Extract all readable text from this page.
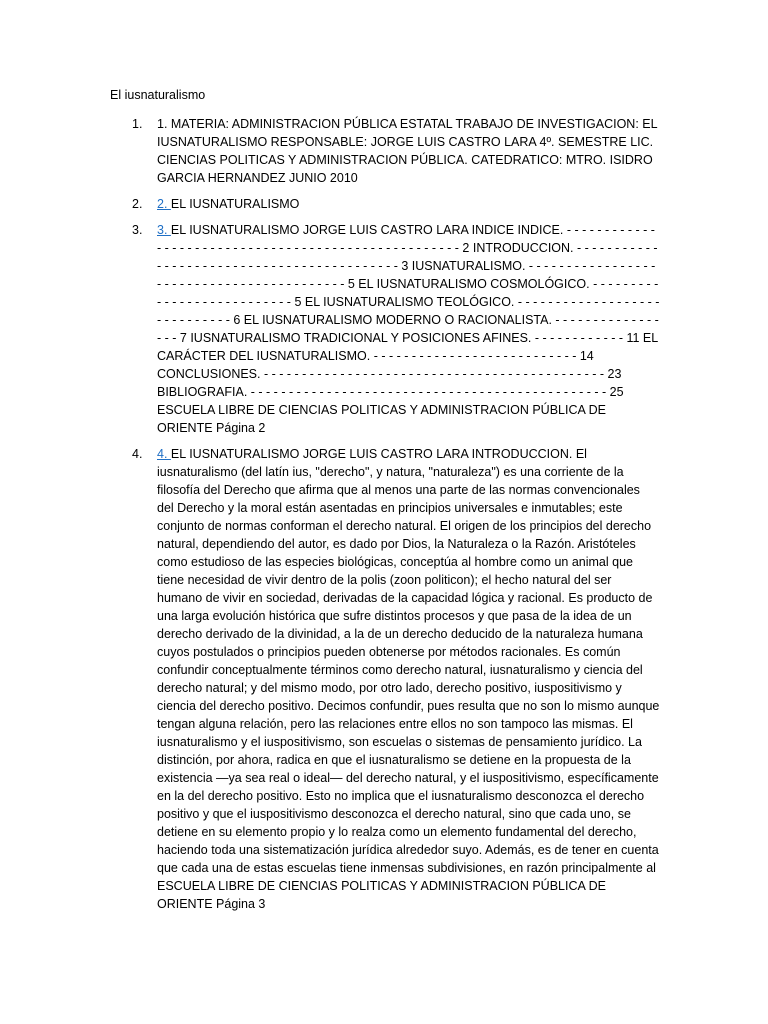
El iusnaturalismo
1. 1. MATERIA: ADMINISTRACION PÚBLICA ESTATAL TRABAJO DE INVESTIGACION: EL IUSNATURALISMO RESPONSABLE: JORGE LUIS CASTRO LARA 4º. SEMESTRE LIC. CIENCIAS POLITICAS Y ADMINISTRACION PÚBLICA. CATEDRATICO: MTRO. ISIDRO GARCIA HERNANDEZ JUNIO 2010
2. 2. EL IUSNATURALISMO
3. 3. EL IUSNATURALISMO JORGE LUIS CASTRO LARA INDICE INDICE. - - - - - - - - - - - - - - - - - - - - - - - - - - - - - - - - - - - - - - - - - - - - - - - - - - - - 2 INTRODUCCION. - - - - - - - - - - - - - - - - - - - - - - - - - - - - - - - - - - - - - - - - - - - 3 IUSNATURALISMO. - - - - - - - - - - - - - - - - - - - - - - - - - - - - - - - - - - - - - - - - - - 5 EL IUSNATURALISMO COSMOLÓGICO. - - - - - - - - - - - - - - - - - - - - - - - - - - - 5 EL IUSNATURALISMO TEOLÓGICO. - - - - - - - - - - - - - - - - - - - - - - - - - - - - - 6 EL IUSNATURALISMO MODERNO O RACIONALISTA. - - - - - - - - - - - - - - - - - 7 IUSNATURALISMO TRADICIONAL Y POSICIONES AFINES. - - - - - - - - - - - - 11 EL CARÁCTER DEL IUSNATURALISMO. - - - - - - - - - - - - - - - - - - - - - - - - - - - 14 CONCLUSIONES. - - - - - - - - - - - - - - - - - - - - - - - - - - - - - - - - - - - - - - - - - - - - - 23 BIBLIOGRAFIA. - - - - - - - - - - - - - - - - - - - - - - - - - - - - - - - - - - - - - - - - - - - - - - - 25 ESCUELA LIBRE DE CIENCIAS POLITICAS Y ADMINISTRACION PÚBLICA DE ORIENTE Página 2
4. 4. EL IUSNATURALISMO JORGE LUIS CASTRO LARA INTRODUCCION. El iusnaturalismo (del latín ius, "derecho", y natura, "naturaleza") es una corriente de la filosofía del Derecho que afirma que al menos una parte de las normas convencionales del Derecho y la moral están asentadas en principios universales e inmutables; este conjunto de normas conforman el derecho natural. El origen de los principios del derecho natural, dependiendo del autor, es dado por Dios, la Naturaleza o la Razón. Aristóteles como estudioso de las especies biológicas, conceptúa al hombre como un animal que tiene necesidad de vivir dentro de la polis (zoon politicon); el hecho natural del ser humano de vivir en sociedad, derivadas de la capacidad lógica y racional. Es producto de una larga evolución histórica que sufre distintos procesos y que pasa de la idea de un derecho derivado de la divinidad, a la de un derecho deducido de la naturaleza humana cuyos postulados o principios pueden obtenerse por métodos racionales. Es común confundir conceptualmente términos como derecho natural, iusnaturalismo y ciencia del derecho natural; y del mismo modo, por otro lado, derecho positivo, iuspositivismo y ciencia del derecho positivo. Decimos confundir, pues resulta que no son lo mismo aunque tengan alguna relación, pero las relaciones entre ellos no son tampoco las mismas. El iusnaturalismo y el iuspositivismo, son escuelas o sistemas de pensamiento jurídico. La distinción, por ahora, radica en que el iusnaturalismo se detiene en la propuesta de la existencia —ya sea real o ideal— del derecho natural, y el iuspositivismo, específicamente en la del derecho positivo. Esto no implica que el iusnaturalismo desconozca el derecho positivo y que el iuspositivismo desconozca el derecho natural, sino que cada uno, se detiene en su elemento propio y lo realza como un elemento fundamental del derecho, haciendo toda una sistematización jurídica alrededor suyo. Además, es de tener en cuenta que cada una de estas escuelas tiene inmensas subdivisiones, en razón principalmente al ESCUELA LIBRE DE CIENCIAS POLITICAS Y ADMINISTRACION PÚBLICA DE ORIENTE Página 3
